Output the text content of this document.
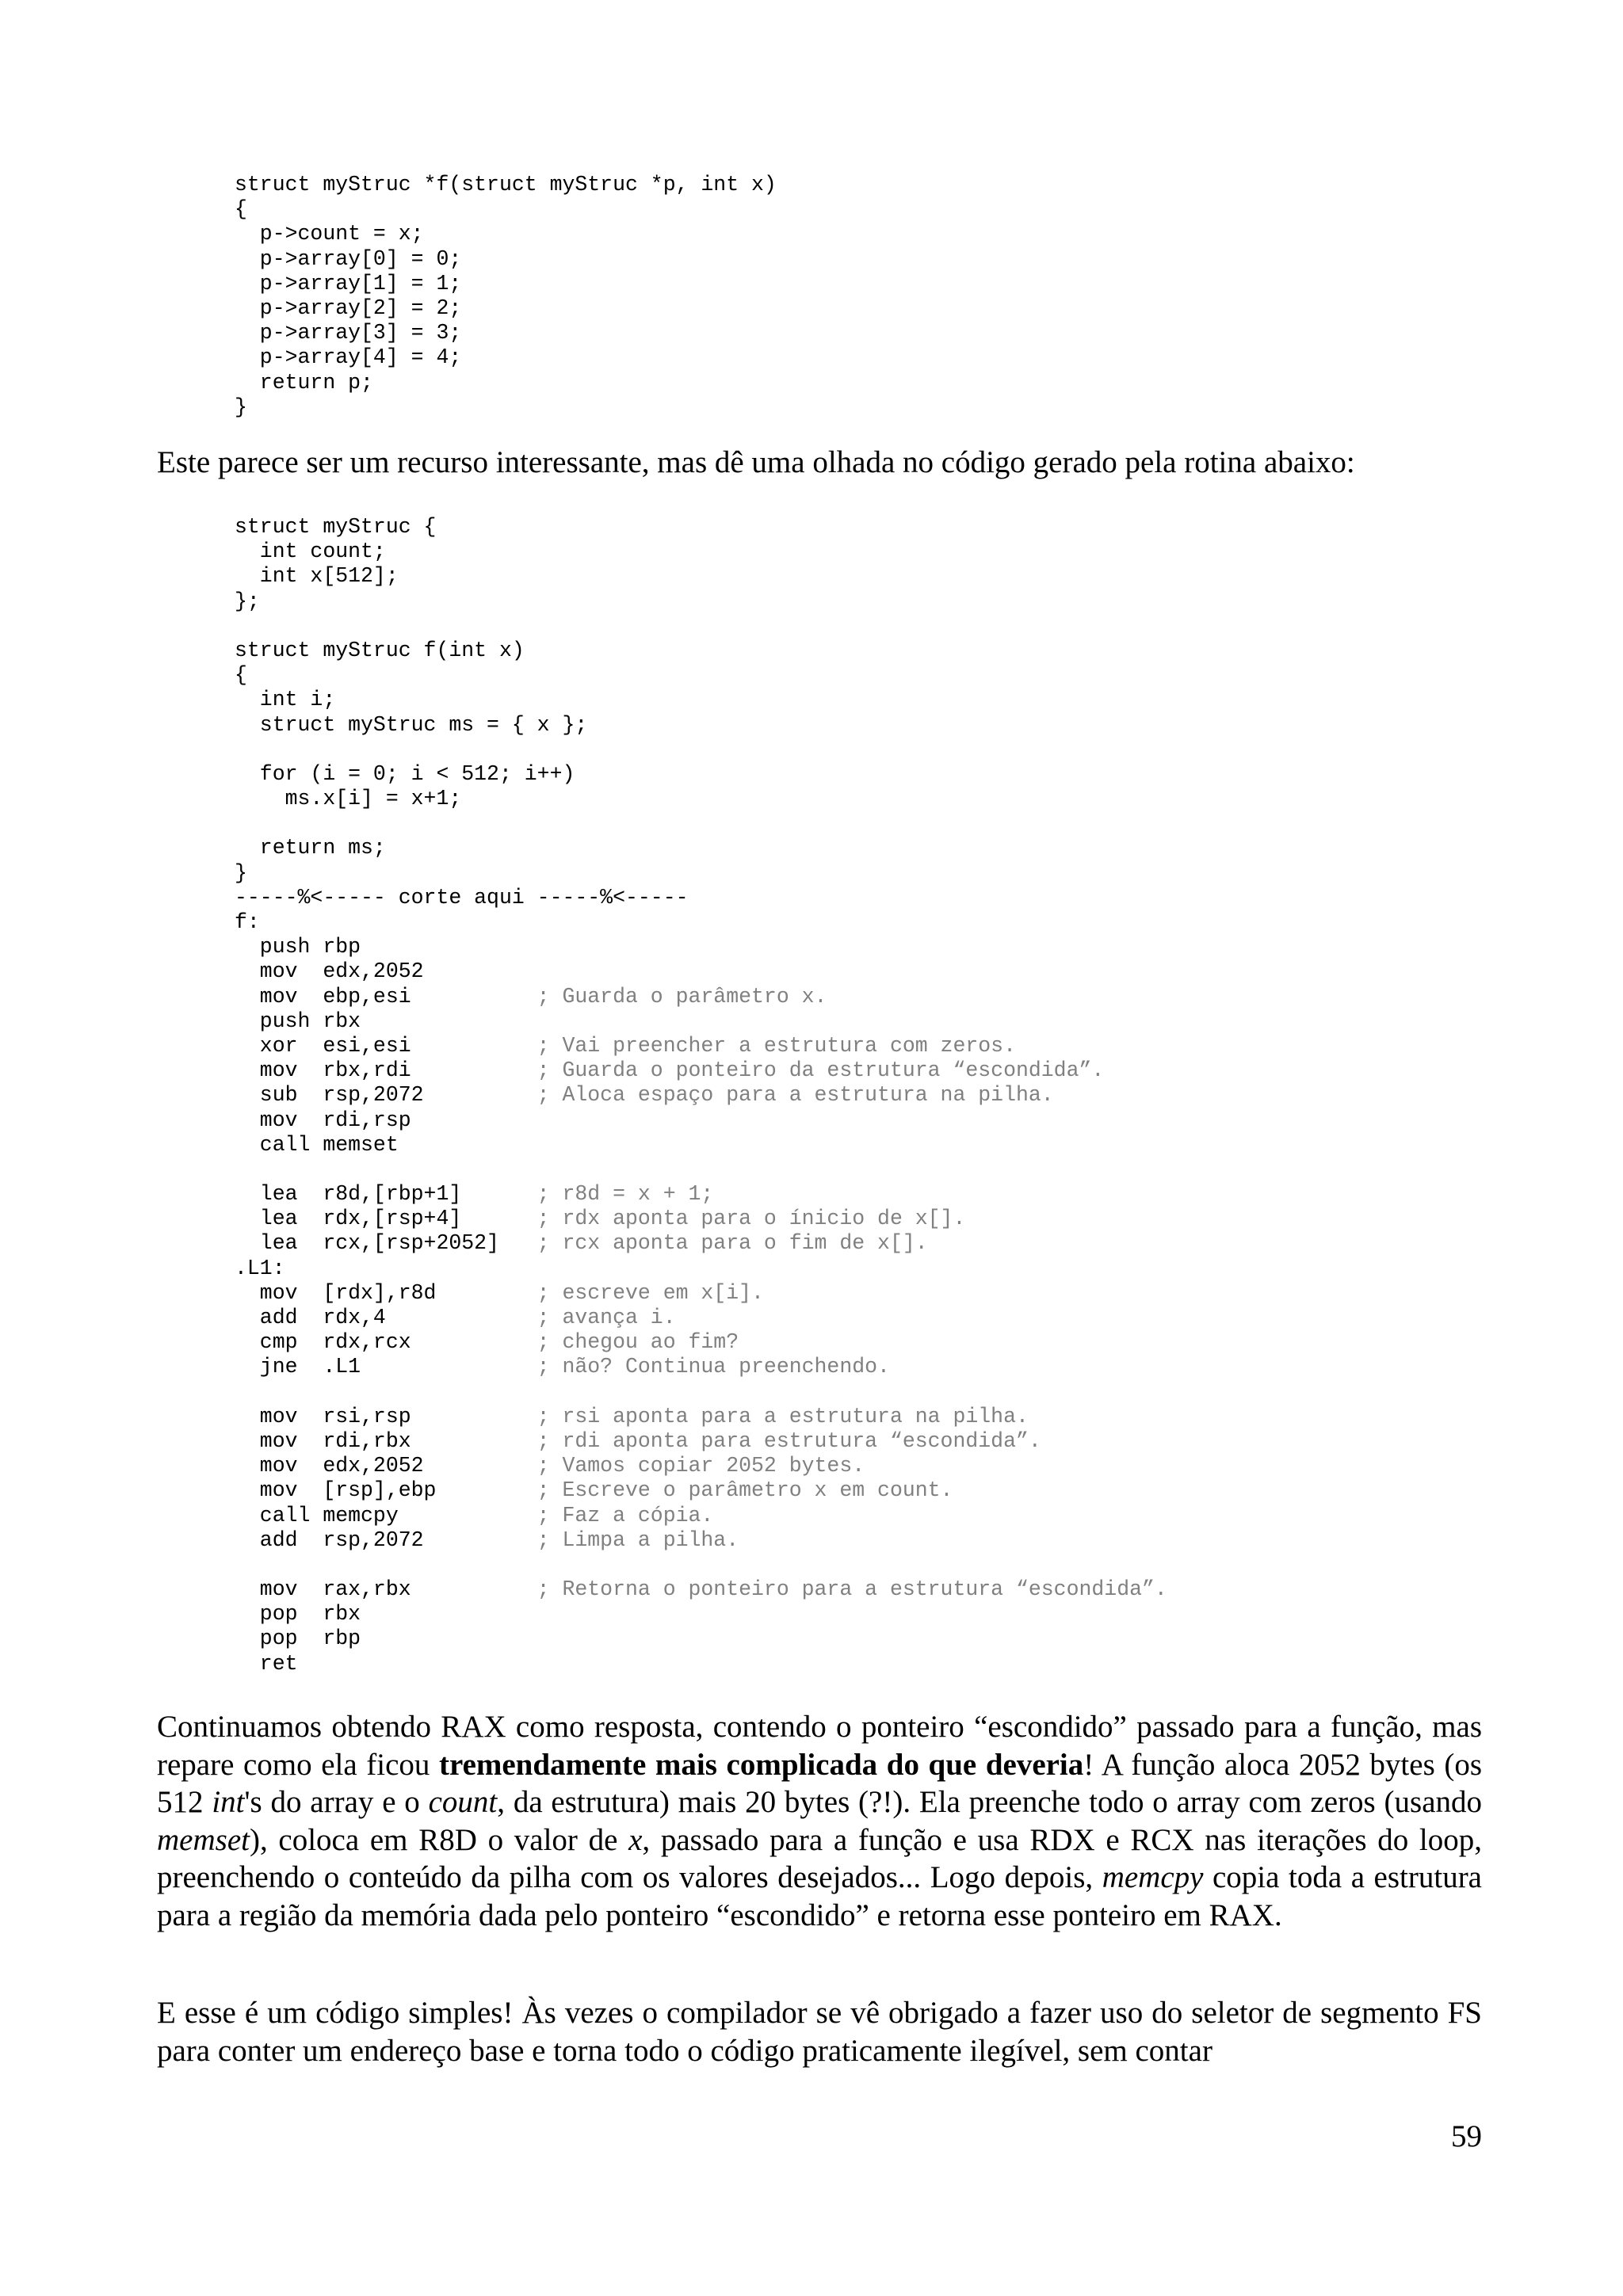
struct myStruc *f(struct myStruc *p, int x)
{
p->count = x;
p->array[0] = 0;
p->array[1] = 1;
p->array[2] = 2;
p->array[3] = 3;
p->array[4] = 4;
return p;
}

Este parece ser um recurso interessante, mas dê uma olhada no código gerado pela rotina abaixo:

struct myStruc {
int count;
int x[512];
};
struct myStruc f(int x)
{
int i;
struct myStruc ms = { x };
for (i = 0; i < 512; i++)
ms.x[i] = x+1;
return ms;
}
-----%<----- corte aqui -----%<-----
f:
push rbp
mov  edx,2052
mov  ebp,esi          ; Guarda o parâmetro x.
push rbx
xor  esi,esi          ; Vai preencher a estrutura com zeros.
mov  rbx,rdi          ; Guarda o ponteiro da estrutura “escondida”.
sub  rsp,2072         ; Aloca espaço para a estrutura na pilha.
mov  rdi,rsp
call memset
lea  r8d,[rbp+1]      ; r8d = x + 1;
lea  rdx,[rsp+4]      ; rdx aponta para o ínicio de x[].
lea  rcx,[rsp+2052]   ; rcx aponta para o fim de x[].
.L1:
mov  [rdx],r8d        ; escreve em x[i].
add  rdx,4            ; avança i.
cmp  rdx,rcx          ; chegou ao fim?
jne  .L1              ; não? Continua preenchendo.
mov  rsi,rsp          ; rsi aponta para a estrutura na pilha.
mov  rdi,rbx          ; rdi aponta para estrutura “escondida”.
mov  edx,2052         ; Vamos copiar 2052 bytes.
mov  [rsp],ebp        ; Escreve o parâmetro x em count.
call memcpy           ; Faz a cópia.
add  rsp,2072         ; Limpa a pilha.
mov  rax,rbx          ; Retorna o ponteiro para a estrutura “escondida”.
pop  rbx
pop  rbp
ret

Continuamos obtendo RAX como resposta, contendo o ponteiro “escondido” passado para a função, mas repare como ela ficou tremendamente mais complicada do que deveria! A função aloca 2052 bytes (os 512 int's do array e o count, da estrutura) mais 20 bytes (?!). Ela preenche todo o array com zeros (usando memset), coloca em R8D o valor de x, passado para a função e usa RDX e RCX nas iterações do loop, preenchendo o conteúdo da pilha com os valores desejados... Logo depois, memcpy copia toda a estrutura para a região da memória dada pelo ponteiro “escondido” e retorna esse ponteiro em RAX.

E esse é um código simples! Às vezes o compilador se vê obrigado a fazer uso do seletor de segmento FS para conter um endereço base e torna todo o código praticamente ilegível, sem contar

59
